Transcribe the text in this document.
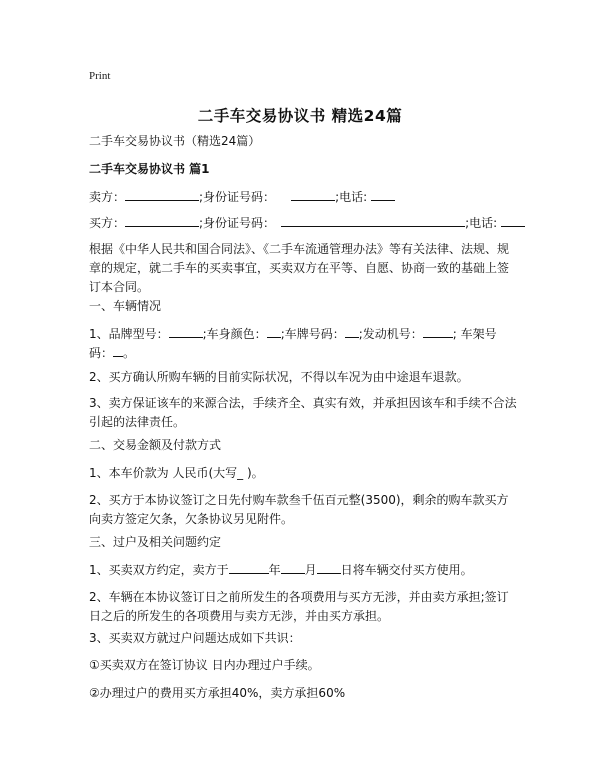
Print
二手车交易协议书 精选24篇
二手车交易协议书（精选24篇）
二手车交易协议书 篇1
卖方：	;身份证号码：	;电话:
买方：	;身份证号码：	;电话:
根据《中华人民共和国合同法》、《二手车流通管理办法》等有关法律、法规、规章的规定，就二手车的买卖事宜，买卖双方在平等、自愿、协商一致的基础上签订本合同。
一、车辆情况
1、品牌型号：	;车身颜色： ;车牌号码： ;发动机号：	; 车架号码： 。
2、买方确认所购车辆的目前实际状况，不得以车况为由中途退车退款。
3、卖方保证该车的来源合法，手续齐全、真实有效，并承担因该车和手续不合法引起的法律责任。
二、交易金额及付款方式
1、本车价款为 人民币(大写_ )。
2、买方于本协议签订之日先付购车款叁千伍百元整(3500)，剩余的购车款买方向卖方签定欠条，欠条协议另见附件。
三、过户及相关问题约定
1、买卖双方约定，卖方于	年 月 日将车辆交付买方使用。
2、车辆在本协议签订日之前所发生的各项费用与买方无涉，并由卖方承担;签订日之后的所发生的各项费用与卖方无涉，并由买方承担。
3、买卖双方就过户问题达成如下共识：
①买卖双方在签订协议 日内办理过户手续。
②办理过户的费用买方承担40%，卖方承担60%
